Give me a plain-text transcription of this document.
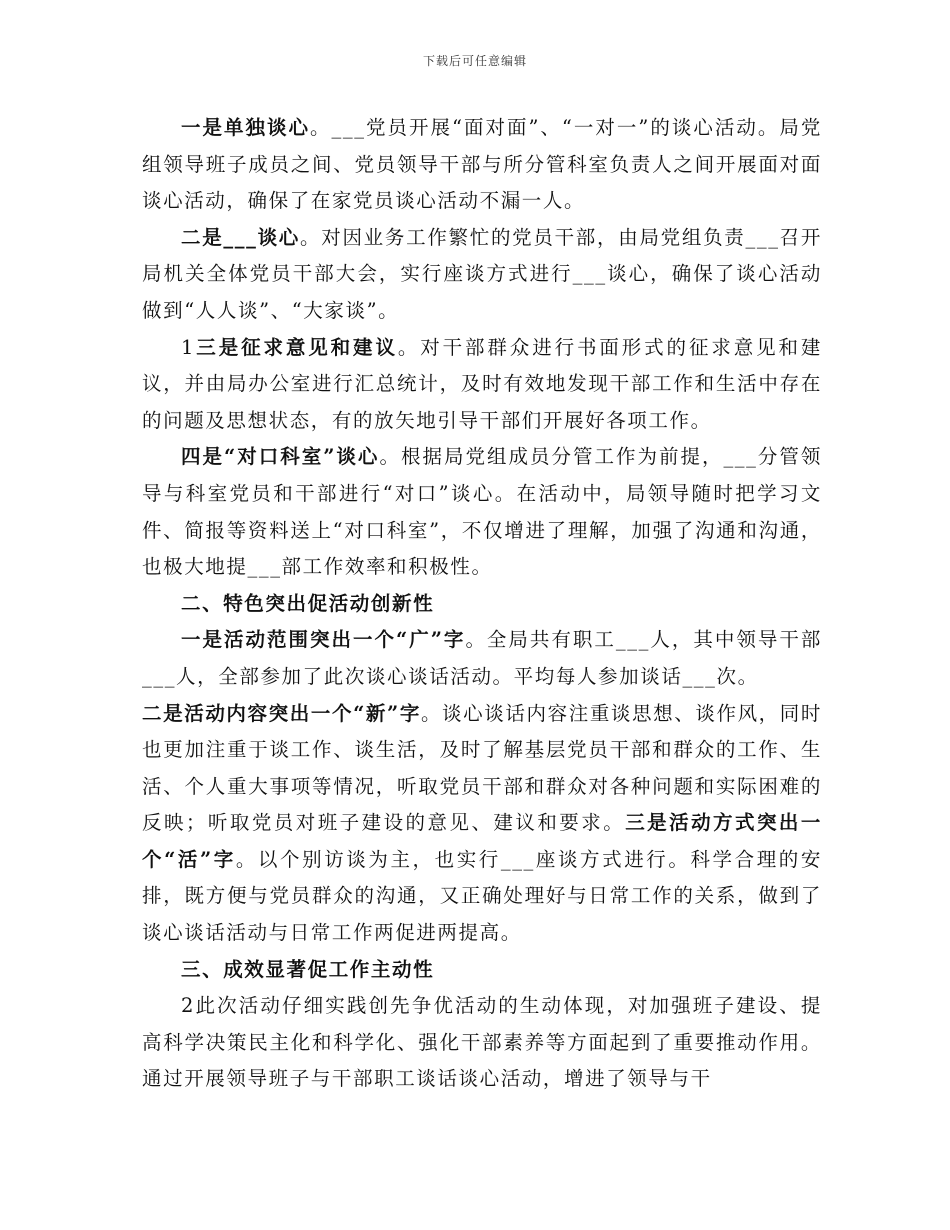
下载后可任意编辑

一是单独谈心。___党员开展“面对面”、“一对一”的谈心活动。局党组领导班子成员之间、党员领导干部与所分管科室负责人之间开展面对面谈心活动，确保了在家党员谈心活动不漏一人。

二是___谈心。对因业务工作繁忙的党员干部，由局党组负责___召开局机关全体党员干部大会，实行座谈方式进行___谈心，确保了谈心活动做到“人人谈”、“大家谈”。

1三是征求意见和建议。对干部群众进行书面形式的征求意见和建议，并由局办公室进行汇总统计，及时有效地发现干部工作和生活中存在的问题及思想状态，有的放矢地引导干部们开展好各项工作。

四是“对口科室”谈心。根据局党组成员分管工作为前提，___分管领导与科室党员和干部进行“对口”谈心。在活动中，局领导随时把学习文件、简报等资料送上“对口科室”，不仅增进了理解，加强了沟通和沟通，也极大地提___部工作效率和积极性。

二、特色突出促活动创新性

一是活动范围突出一个“广”字。全局共有职工___人，其中领导干部___人，全部参加了此次谈心谈话活动。平均每人参加谈话___次。

二是活动内容突出一个“新”字。谈心谈话内容注重谈思想、谈作风，同时也更加注重于谈工作、谈生活，及时了解基层党员干部和群众的工作、生活、个人重大事项等情况，听取党员干部和群众对各种问题和实际困难的反映；听取党员对班子建设的意见、建议和要求。三是活动方式突出一个“活”字。以个别访谈为主，也实行___座谈方式进行。科学合理的安排，既方便与党员群众的沟通，又正确处理好与日常工作的关系，做到了谈心谈话活动与日常工作两促进两提高。

三、成效显著促工作主动性

2此次活动仔细实践创先争优活动的生动体现，对加强班子建设、提高科学决策民主化和科学化、强化干部素养等方面起到了重要推动作用。通过开展领导班子与干部职工谈话谈心活动，增进了领导与干
